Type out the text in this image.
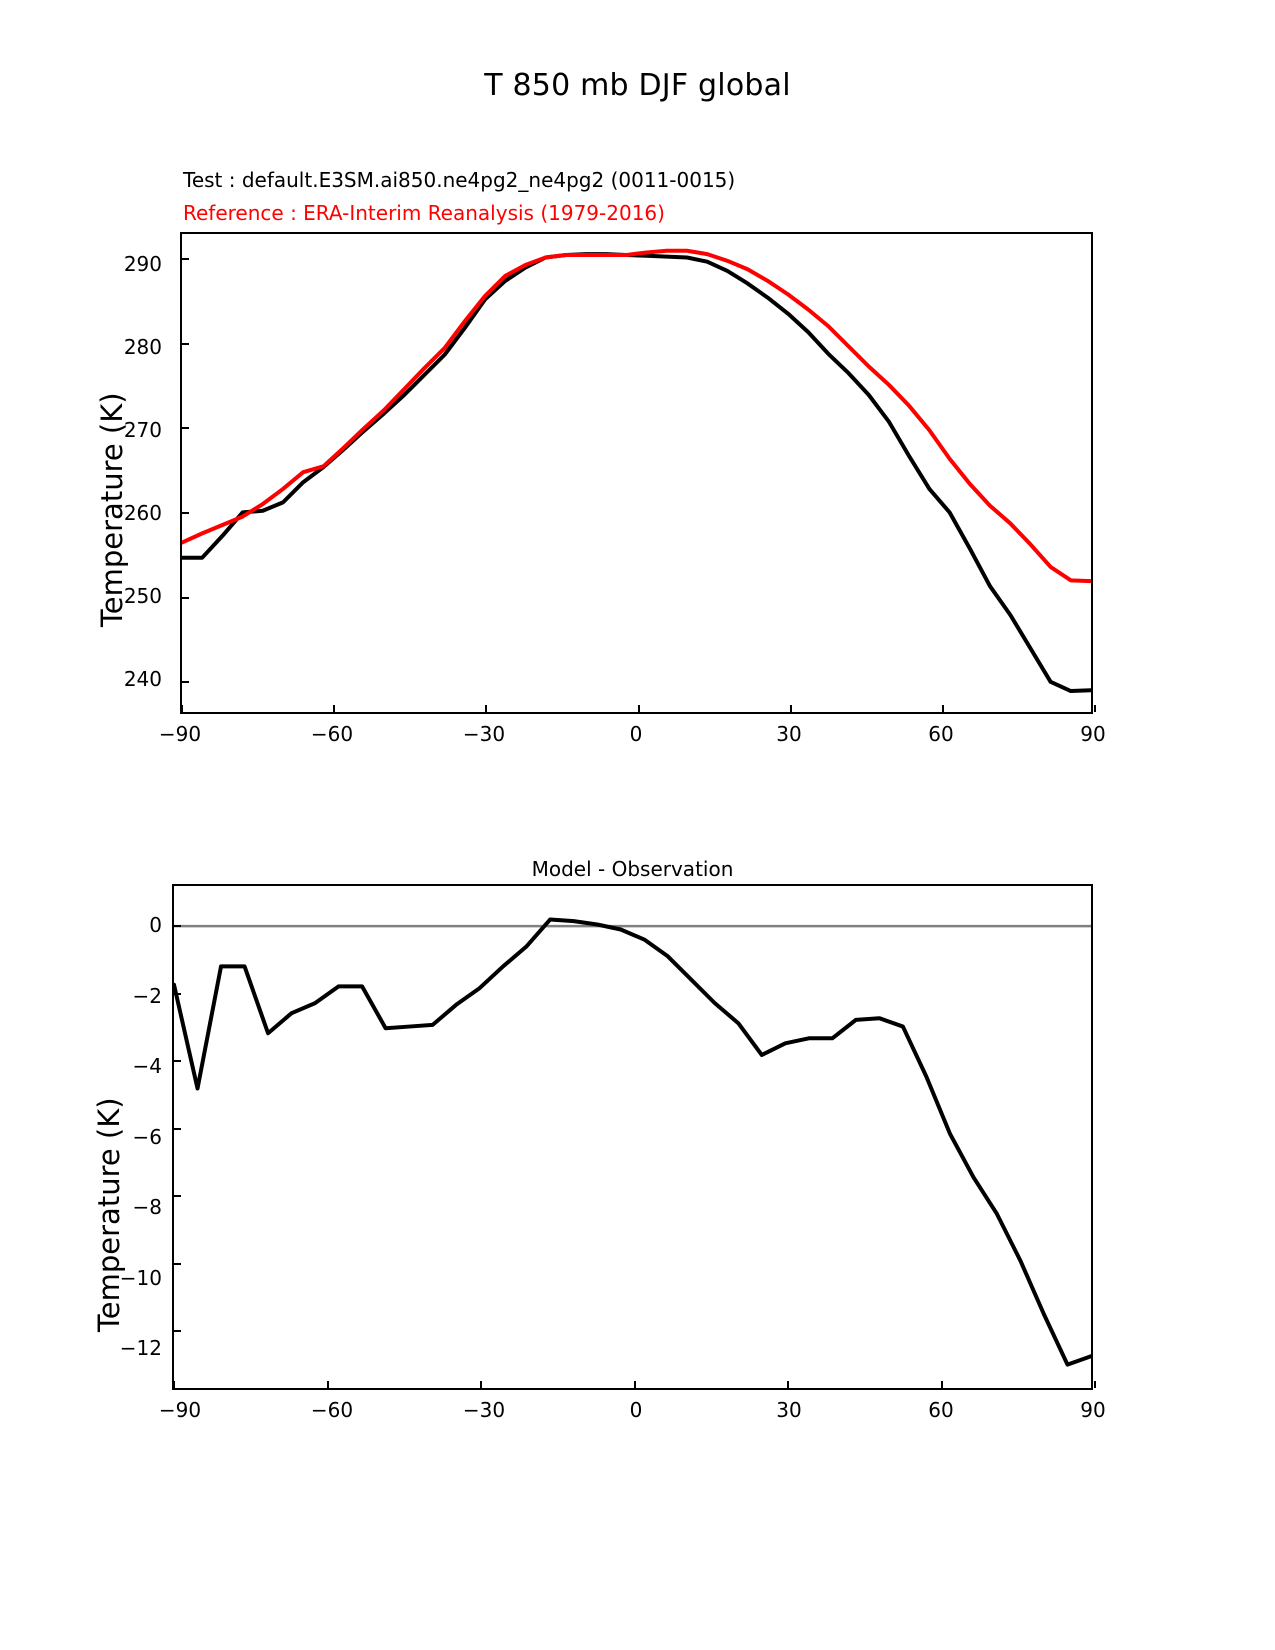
T 850 mb DJF global
Test : default.E3SM.ai850.ne4pg2_ne4pg2 (0011-0015)
Reference : ERA-Interim Reanalysis (1979-2016)
290
280
270
260
250
240
−90	−60	−30	0	30	60	90
Temperature (K)
Model - Observation
0
−2
−4
−6
−8
−10
−12
−90	−60	−30	0	30	60	90
Temperature (K)
